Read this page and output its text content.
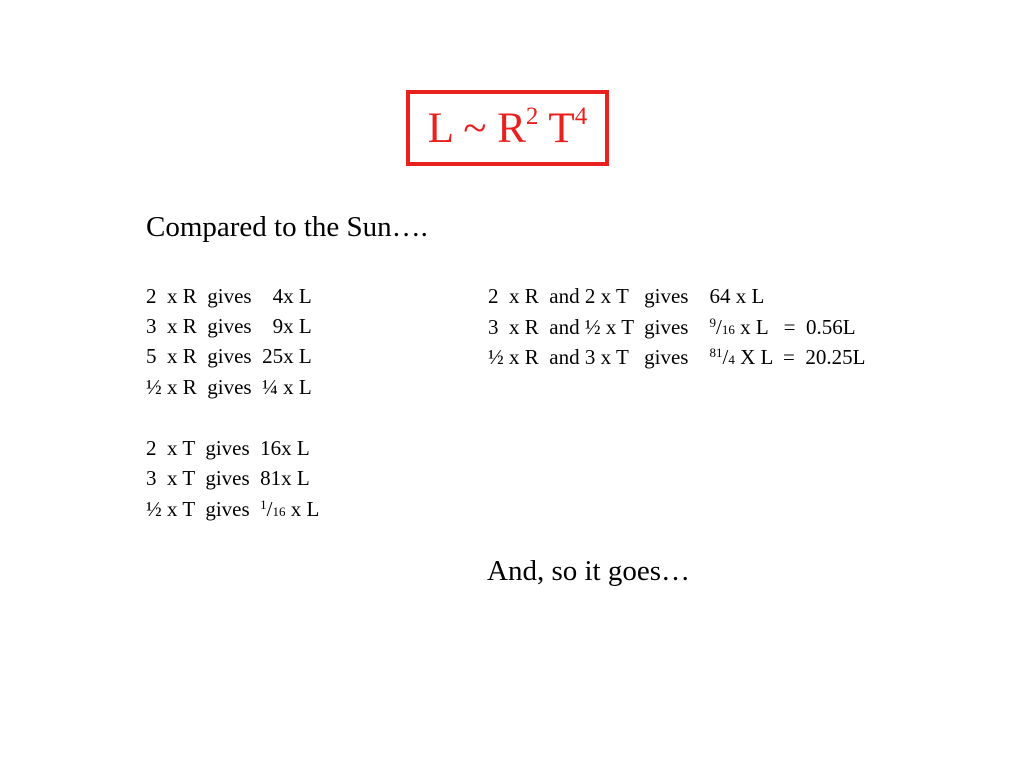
L ~ $R^2$ $T^4$
Compared to the Sun….
2  x R  gives    4x L
3  x R  gives    9x L
5  x R  gives  25x L
½ x R  gives  ¼ x L
2  x T  gives  16x L
3  x T  gives  81x L
½ x T  gives  $^1$/16 x L
2  x R  and 2 x T   gives    64 x L
3  x R  and ½ x T  gives    $^9$/16 x L   =  0.56L
½ x R  and 3 x T   gives    $^{81}$/4 X L  =  20.25L
And, so it goes…
